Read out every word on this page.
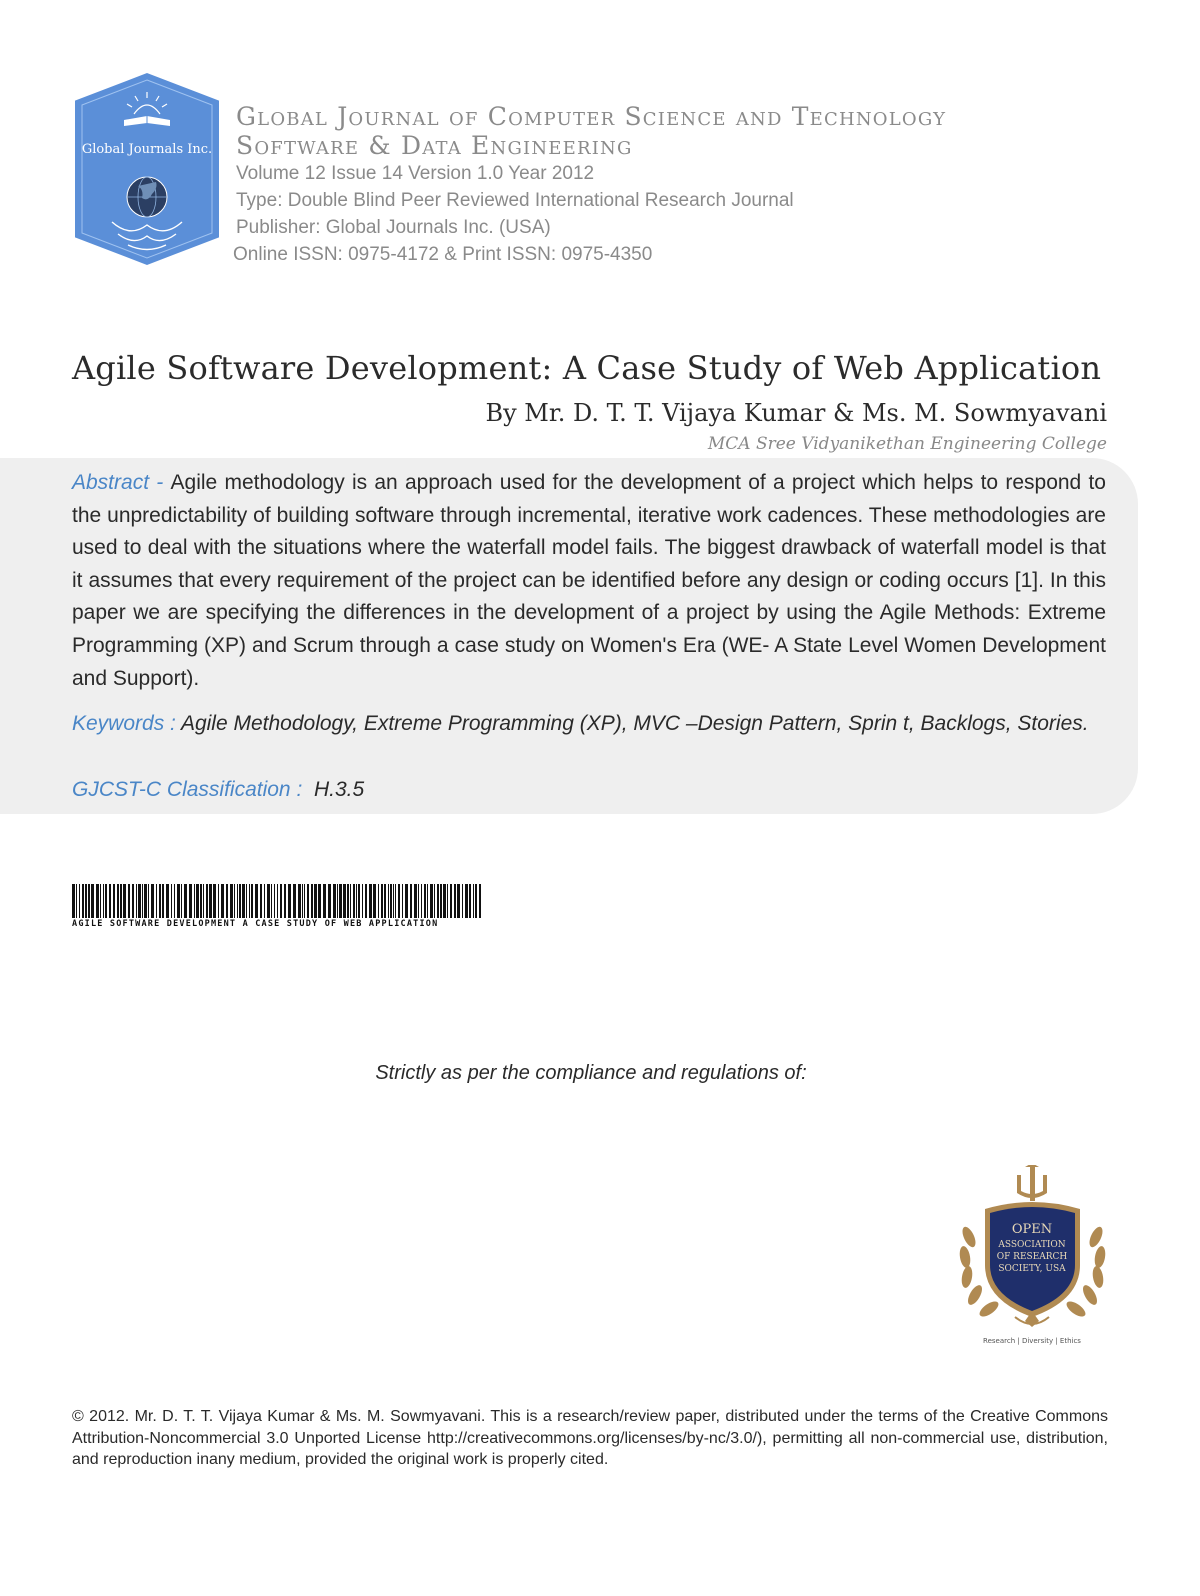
Global Journals Inc.

Global Journal of Computer Science and Technology

Software & Data Engineering

Volume 12 Issue 14 Version 1.0 Year 2012

Type: Double Blind Peer Reviewed International Research Journal

Publisher: Global Journals Inc. (USA)

Online ISSN: 0975-4172 & Print ISSN: 0975-4350

Agile Software Development: A Case Study of Web Application
By Mr. D. T. T. Vijaya Kumar & Ms. M. Sowmyavani
MCA Sree Vidyanikethan Engineering College

Abstract - Agile methodology is an approach used for the development of a project which helps to respond to the unpredictability of building software through incremental, iterative work cadences. These methodologies are used to deal with the situations where the waterfall model fails. The biggest drawback of waterfall model is that it assumes that every requirement of the project can be identified before any design or coding occurs [1]. In this paper we are specifying the differences in the development of a project by using the Agile Methods: Extreme Programming (XP) and Scrum through a case study on Women's Era (WE- A State Level Women Development and Support).

Keywords : Agile Methodology, Extreme Programming (XP), MVC –Design Pattern, Sprin t, Backlogs, Stories.

GJCST-C Classification :  H.3.5

AGILE SOFTWARE DEVELOPMENT A CASE STUDY OF WEB APPLICATION
Strictly as per the compliance and regulations of:
OPEN
ASSOCIATION
OF RESEARCH
SOCIETY, USA
Research | Diversity | Ethics

© 2012. Mr. D. T. T. Vijaya Kumar & Ms. M. Sowmyavani. This is a research/review paper, distributed under the terms of the Creative Commons Attribution-Noncommercial 3.0 Unported License http://creativecommons.org/licenses/by-nc/3.0/), permitting all non-commercial use, distribution, and reproduction inany medium, provided the original work is properly cited.
